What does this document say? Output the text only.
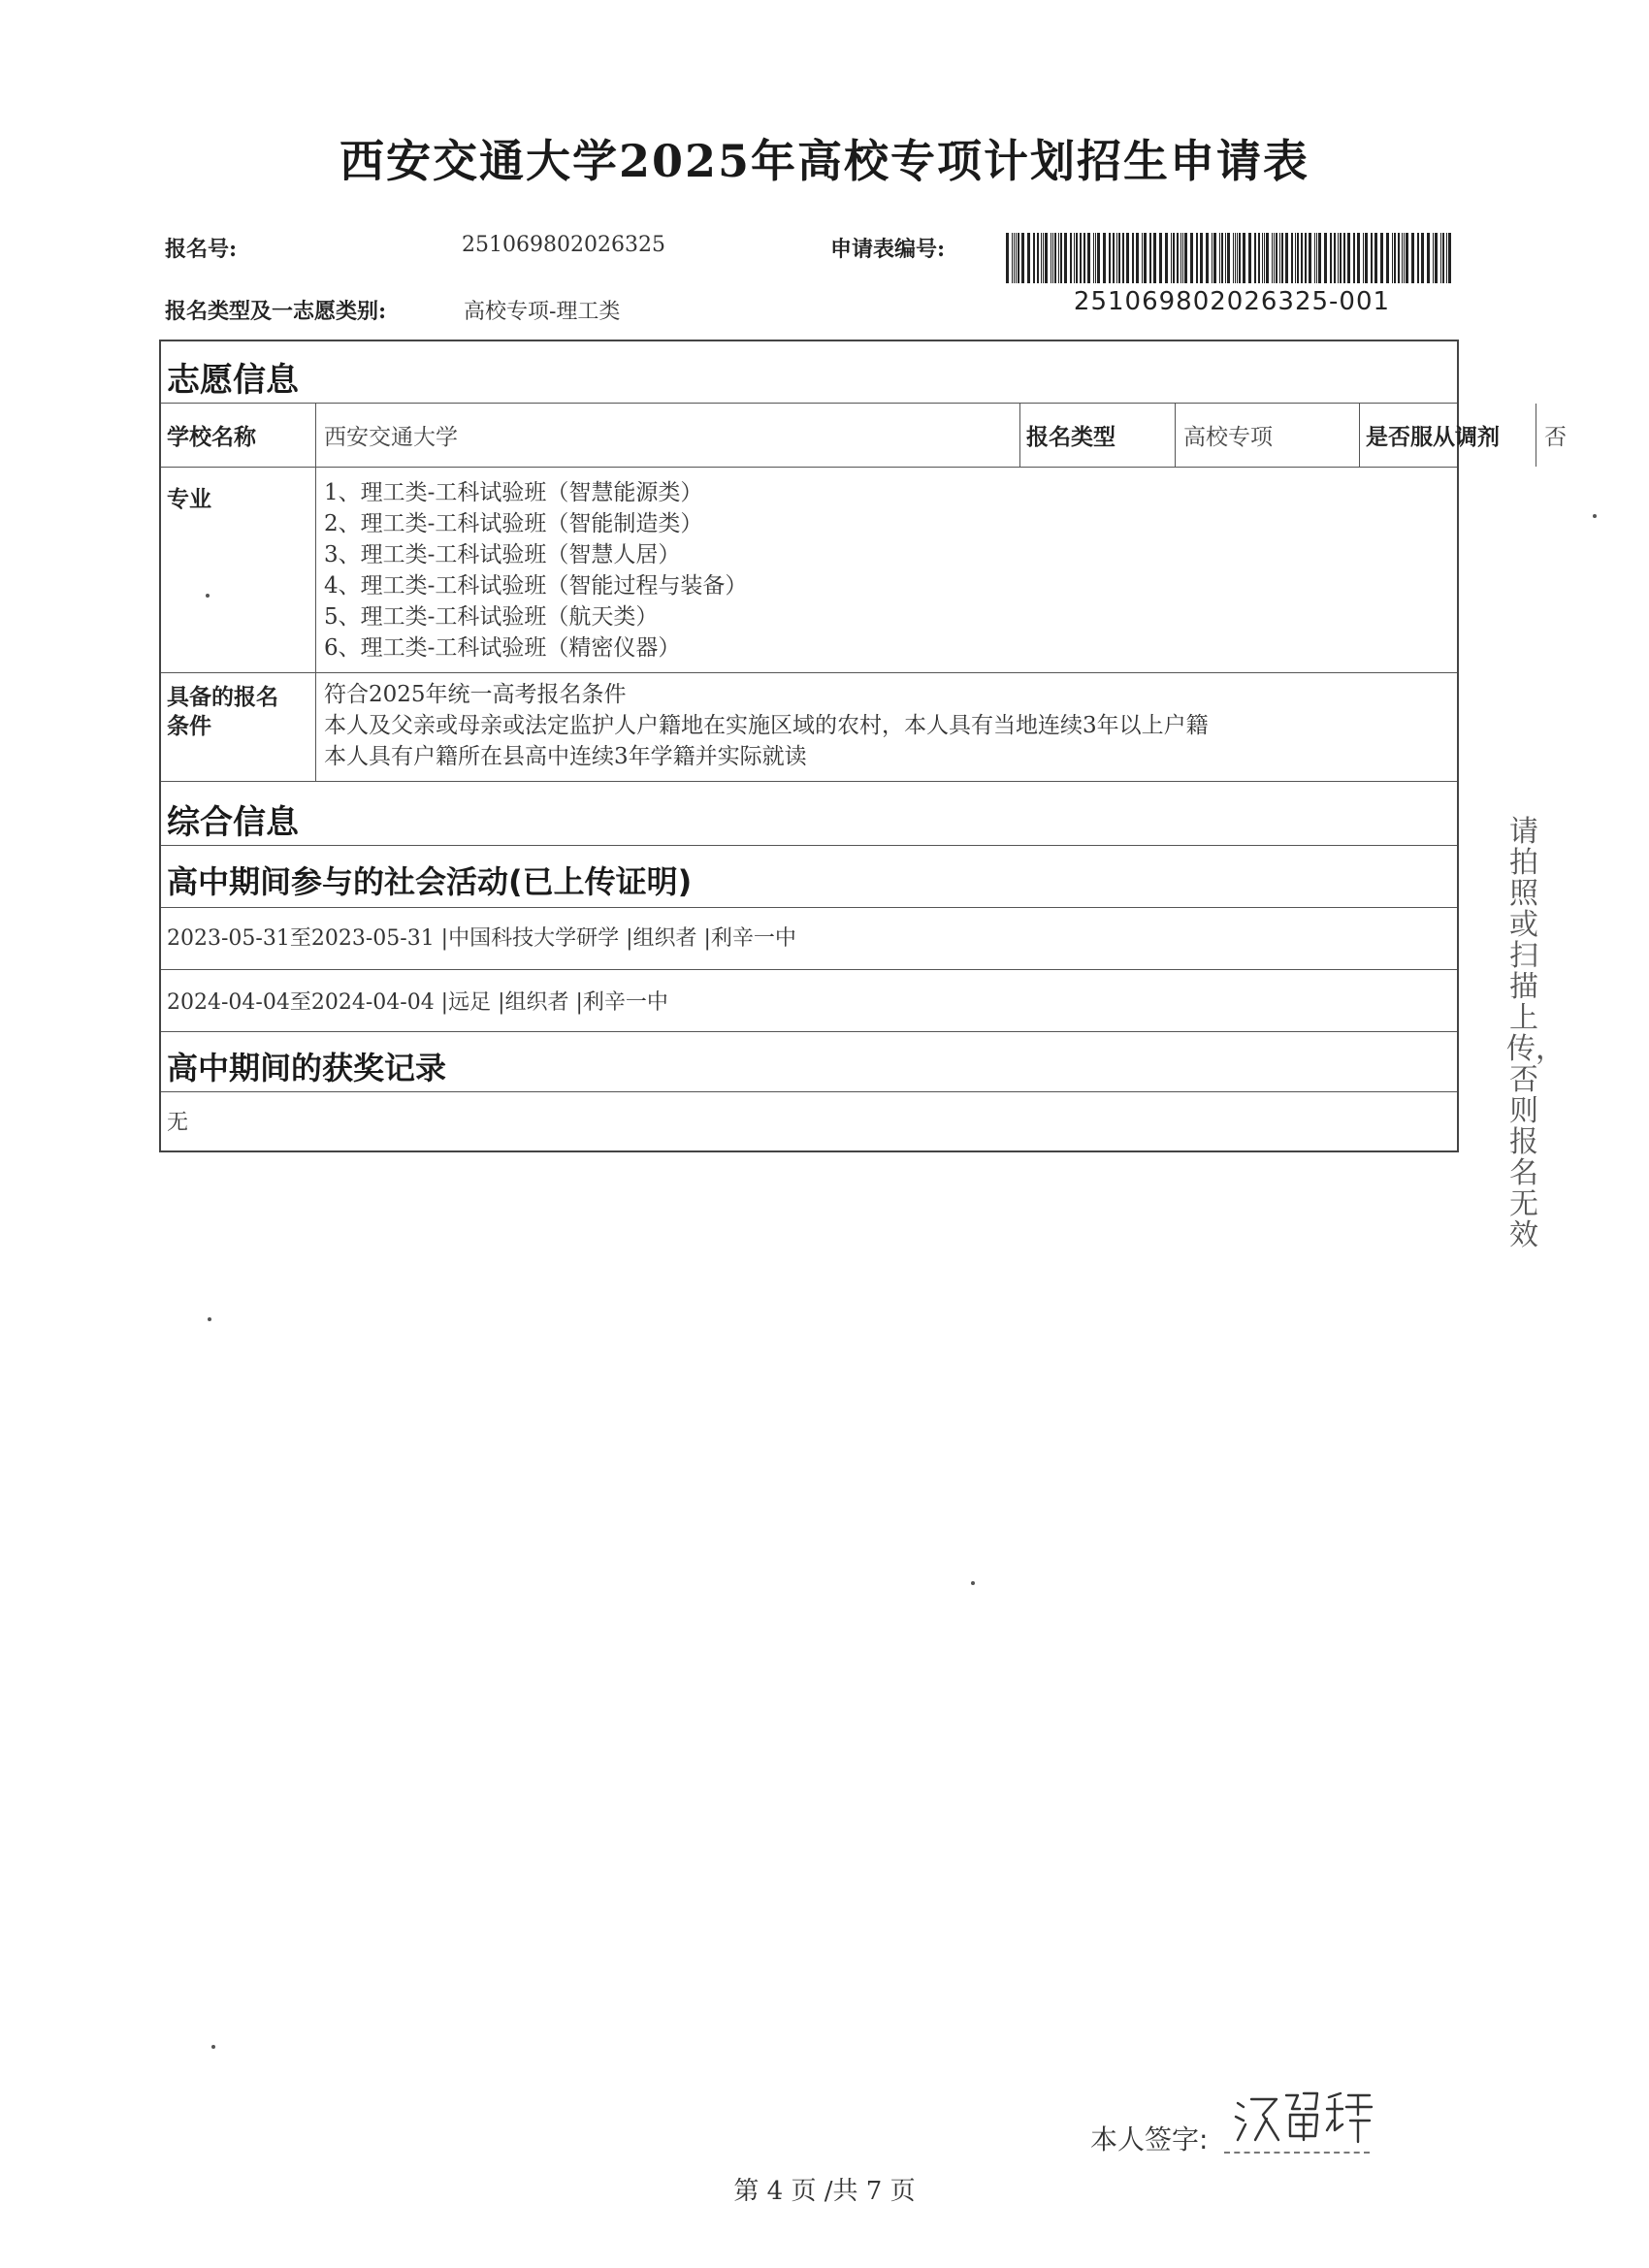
西安交通大学2025年高校专项计划招生申请表
报名号:	251069802026325	申请表编号:
251069802026325-001
报名类型及一志愿类别:	高校专项-理工类
志愿信息
学校名称	西安交通大学	报名类型	高校专项	是否服从调剂	否
专业	1、理工类-工科试验班（智慧能源类）
2、理工类-工科试验班（智能制造类）
3、理工类-工科试验班（智慧人居）
4、理工类-工科试验班（智能过程与装备）
5、理工类-工科试验班（航天类）
6、理工类-工科试验班（精密仪器）
具备的报名条件
符合2025年统一高考报名条件
本人及父亲或母亲或法定监护人户籍地在实施区域的农村，本人具有当地连续3年以上户籍
本人具有户籍所在县高中连续3年学籍并实际就读
综合信息
高中期间参与的社会活动(已上传证明)
2023-05-31至2023-05-31 |中国科技大学研学 |组织者 |利辛一中
2024-04-04至2024-04-04 |远足 |组织者 |利辛一中
高中期间的获奖记录
无
请拍照或扫描上传，否则报名无效
本人签字:
第 4 页 /共 7 页
